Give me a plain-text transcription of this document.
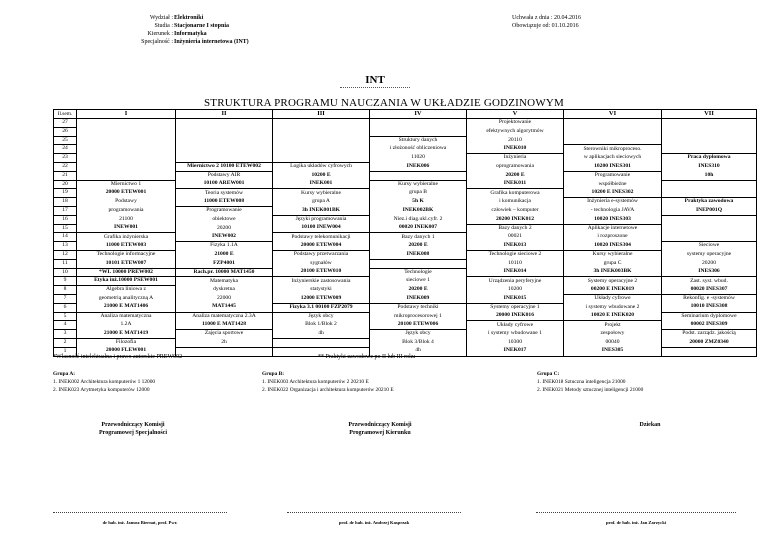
Wydział : Elektroniki
Studia : Stacjonarne I stopnia
Kierunek : Informatyka
Specjalność : Inżynieria internetowa (INT)
Uchwała z dnia : 20.04.2016
Obowiązuje od: 01.10.2016
INT
STRUKTURA PROGRAMU NAUCZANIA W UKŁADZIE GODZINOWYM
Il.sem.	I	II	III	IV	V	VI	VII
27					Projektowanie		
26					efektywnych algorytmów		
25				Struktury danych	20110		
24				i złożoność obliczeniowa	INEK010	Sterowniki mikroproceso.	
23				11020	Inżynieria	w aplikacjach sieciowych	Praca dyplomowa
22		Miernictwo 2 10100 ETEW002	Logika układów cyfrowych	INEK006	oprogramowania	10200 INES301	INES310
21		Podstawy AIR	10200 E		20200 E	Programowanie	10h
20	Miernictwo 1	10100 AREW001	INEK001	Kursy wybieralne	INEK011	współbieżne	
19	20000 ETEW001	Teoria systemów	Kursy wybieralne	grupa B	Grafika komputerowa	10200 E INES302	
18	Podstawy	11000 ETEW008	grupa A	5h K	i komunikacja	Inżynieria e-systemów	Praktyka zawodowa
17	programowania	Programowanie	3h INEK001BK	INEK002BK	człowiek – komputer	- technologia JAVA	INEP001Q
16	21100	obiektowe	Języki programowania	Niez.i diag.ukl.cyfr. 2	20200 INEK012	10020 INES303	
15	INEW001	20200	10100 INEW004	00020 INEK007	Bazy danych 2	Aplikacje internetowe	
14	Grafika inżynierska	INEW002	Podstawy telekomunikacji	Bazy danych 1	00021	i rozproszone	
13	11000 ETEW003	Fizyka 1.1A	20000 ETEW004	20200 E	INEK013	10020 INES304	Sieciowe
12	Technologie informacyjne	21000 E	Podstawy przetwarzania	INEK008	Technologie sieciowe 2	Kursy wybieralne	systemy operacyjne
11	10101 ETEW007	FZP4001	sygnałów		10110	grupa C	20200
10	*WI. 10000 PREW002	Rach.pr. 10000 MAT1450	20100 ETEW010	Technologie	INEK014	3h INEK003BK	INES306
9	Etyka inż.10000 PSEW001	Matematyka	Inżynierskie zastosowania	sieciowe 1	Urządzenia peryferyjne	Systemy operacyjne 2	Zast. syst. wbud.
8	Algebra liniowa z	dyskretna	statystyki	20200 E	10200	00200 E INEK019	00020 INES307
7	geometrią analityczną A	22000	12000 ETEW009	INEK009	INEK015	Układy cyfrowe	Rekonfig. e -systemów
6	21000 E MAT1406	MAT1445	Fizyka 3.1 00100 FZP2079	Podstawy techniki	Systemy operacyjne 1	i systemy wbudowane 2	10010 INES308
5	Analiza matematyczna	Analiza matematyczna 2.3A	Język obcy	mikroprocesorowej 1	20000 INEK016	10020 E INEK020	Seminarium dyplomowe
4	1.2A	11000 E MAT1428	Blok 1/Blok 2	20100 ETEW006	Układy cyfrowe	Projekt	00002 INES309
3	21000 E MAT1419	Zajęcia sportowe	4h	Język obcy	i systemy wbudowane 1	zespołowy	Podst. zarządz. jakością
2	Filozofia	2h		Blok 3/Blok 4	10300	00040	20000 ZMZ0340
1	20000 FLEW001			4h	INEK017	INES305	
*Własność intelektualna i prawo autorskie PREW002	** Praktyki zawodowe po II lub III roku
Grupa A:
1. INEK002 Architektura komputerów 1 12000
2. INEK023 Arytmetyka komputerów 12000
Grupa B:
1. INEK003 Architektura komputerów 2 20210 E
2. INEK022 Organizacja i architektura komputerów 20210 E
Grupa C:
1. INEK018 Sztuczna inteligencja 21000
2. INEK021 Metody sztucznej inteligencji 21000
Przewodniczący Komisji
Programowej Specjalności
Przewodniczący Komisji
Programowej Kierunku
Dziekan
dr hab. inż. Janusz Biernat, prof. Pwr.	prof. dr hab. inż. Andrzej Kasprzak	prof. dr hab. inż. Jan Zarzycki
